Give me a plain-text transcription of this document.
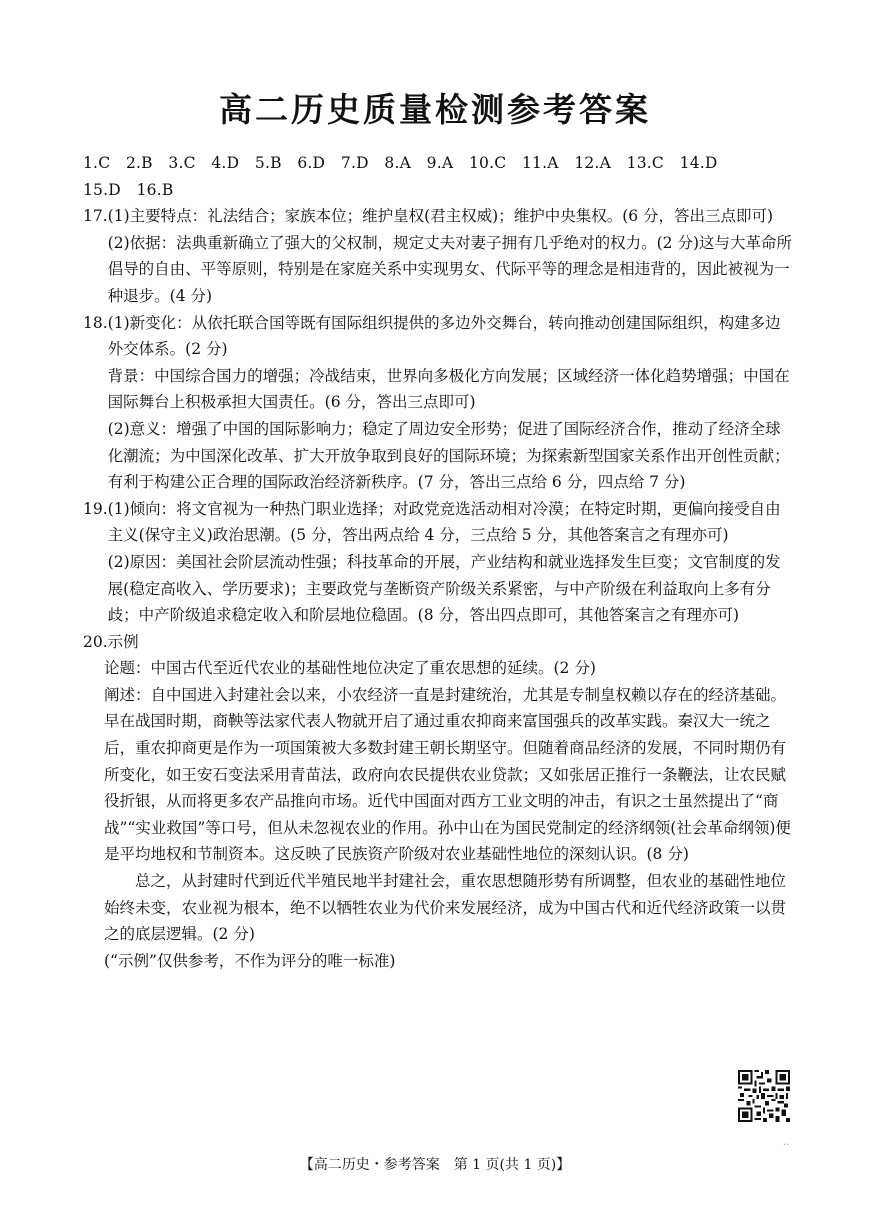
高二历史质量检测参考答案

1.C　2.B　3.C　4.D　5.B　6.D　7.D　8.A　9.A　10.C　11.A　12.A　13.C　14.D

15.D　16.B

17. (1)主要特点：礼法结合；家族本位；维护皇权(君主权威)；维护中央集权。(6 分，答出三点即可)

(2)依据：法典重新确立了强大的父权制，规定丈夫对妻子拥有几乎绝对的权力。(2 分)这与大革命所倡导的自由、平等原则，特别是在家庭关系中实现男女、代际平等的理念是相违背的，因此被视为一种退步。(4 分)

18. (1)新变化：从依托联合国等既有国际组织提供的多边外交舞台，转向推动创建国际组织，构建多边外交体系。(2 分)

背景：中国综合国力的增强；冷战结束，世界向多极化方向发展；区域经济一体化趋势增强；中国在国际舞台上积极承担大国责任。(6 分，答出三点即可)

(2)意义：增强了中国的国际影响力；稳定了周边安全形势；促进了国际经济合作，推动了经济全球化潮流；为中国深化改革、扩大开放争取到良好的国际环境；为探索新型国家关系作出开创性贡献；有利于构建公正合理的国际政治经济新秩序。(7 分，答出三点给 6 分，四点给 7 分)

19. (1)倾向：将文官视为一种热门职业选择；对政党竞选活动相对冷漠；在特定时期，更偏向接受自由主义(保守主义)政治思潮。(5 分，答出两点给 4 分，三点给 5 分，其他答案言之有理亦可)

(2)原因：美国社会阶层流动性强；科技革命的开展，产业结构和就业选择发生巨变；文官制度的发展(稳定高收入、学历要求)；主要政党与垄断资产阶级关系紧密，与中产阶级在利益取向上多有分歧；中产阶级追求稳定收入和阶层地位稳固。(8 分，答出四点即可，其他答案言之有理亦可)

20. 示例

论题：中国古代至近代农业的基础性地位决定了重农思想的延续。(2 分)

阐述：自中国进入封建社会以来，小农经济一直是封建统治，尤其是专制皇权赖以存在的经济基础。早在战国时期，商鞅等法家代表人物就开启了通过重农抑商来富国强兵的改革实践。秦汉大一统之后，重农抑商更是作为一项国策被大多数封建王朝长期坚守。但随着商品经济的发展，不同时期仍有所变化，如王安石变法采用青苗法，政府向农民提供农业贷款；又如张居正推行一条鞭法，让农民赋役折银，从而将更多农产品推向市场。近代中国面对西方工业文明的冲击，有识之士虽然提出了“商战”“实业救国”等口号，但从未忽视农业的作用。孙中山在为国民党制定的经济纲领(社会革命纲领)便是平均地权和节制资本。这反映了民族资产阶级对农业基础性地位的深刻认识。(8 分)

总之，从封建时代到近代半殖民地半封建社会，重农思想随形势有所调整，但农业的基础性地位始终未变，农业视为根本，绝不以牺牲农业为代价来发展经济，成为中国古代和近代经济政策一以贯之的底层逻辑。(2 分)

(“示例”仅供参考，不作为评分的唯一标准)

【高二历史・参考答案　第 1 页(共 1 页)】
··
